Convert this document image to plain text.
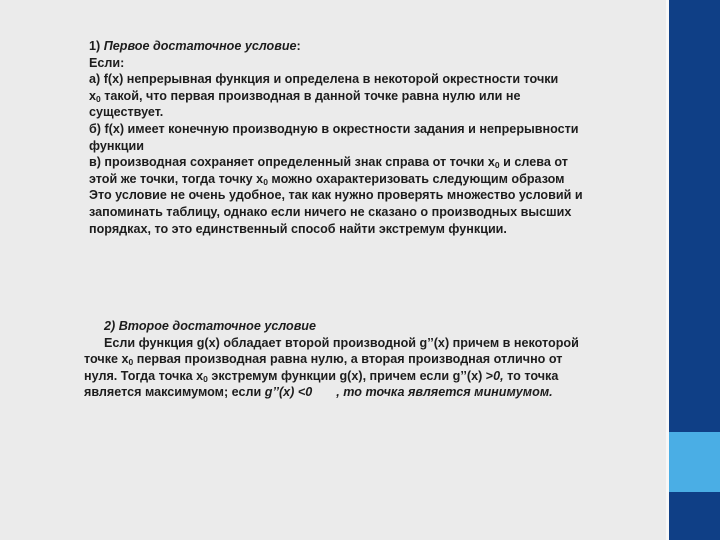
1) Первое достаточное условие:
Если:
а) f(x) непрерывная функция и определена в некоторой окрестности точки
$x_0$ такой, что первая производная в данной точке равна нулю или не
существует.
б) f(x) имеет конечную производную в окрестности задания и непрерывности
функции
в) производная сохраняет определенный знак справа от точки $x_0$ и слева от
этой же точки, тогда точку $x_0$ можно охарактеризовать следующим образом
Это условие не очень удобное, так как нужно проверять множество условий и
запоминать таблицу, однако если ничего не сказано о производных высших
порядках, то это единственный способ найти экстремум функции.
2) Второе достаточное условие
Если функция g(x) обладает второй производной g’’(x) причем в некоторой
точке $x_0$ первая производная равна нулю, а вторая производная отлично от
нуля. Тогда точка $x_0$ экстремум функции g(x), причем если g’’(x) >0, то точка
является максимумом; если g’’(x) <0 , то точка является минимумом.
